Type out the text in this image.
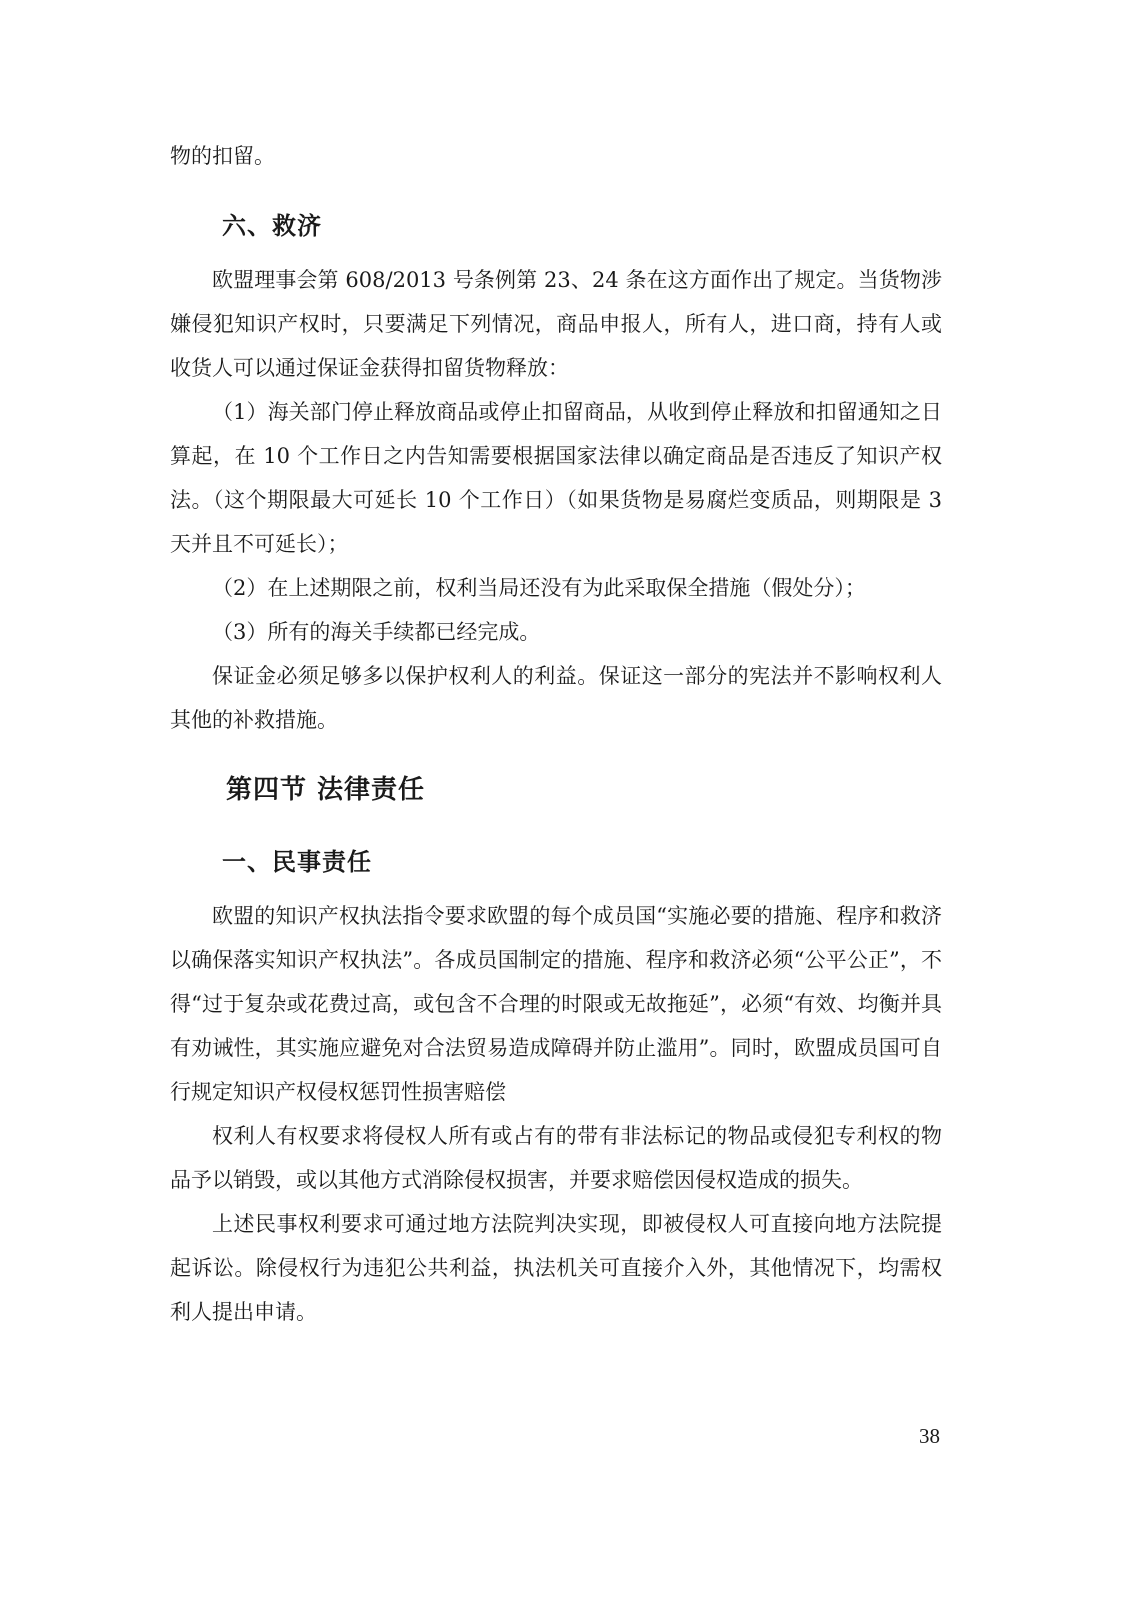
物的扣留。

六、救济

欧盟理事会第 608/2013 号条例第 23、24 条在这方面作出了规定。当货物涉嫌侵犯知识产权时，只要满足下列情况，商品申报人，所有人，进口商，持有人或收货人可以通过保证金获得扣留货物释放：

（1）海关部门停止释放商品或停止扣留商品，从收到停止释放和扣留通知之日算起，在 10 个工作日之内告知需要根据国家法律以确定商品是否违反了知识产权法。（这个期限最大可延长 10 个工作日）（如果货物是易腐烂变质品，则期限是 3 天并且不可延长）；

（2）在上述期限之前，权利当局还没有为此采取保全措施（假处分）；

（3）所有的海关手续都已经完成。

保证金必须足够多以保护权利人的利益。保证这一部分的宪法并不影响权利人其他的补救措施。

第四节 法律责任
一、民事责任

欧盟的知识产权执法指令要求欧盟的每个成员国“实施必要的措施、程序和救济以确保落实知识产权执法”。各成员国制定的措施、程序和救济必须“公平公正”，不得“过于复杂或花费过高，或包含不合理的时限或无故拖延”，必须“有效、均衡并具有劝诫性，其实施应避免对合法贸易造成障碍并防止滥用”。同时，欧盟成员国可自行规定知识产权侵权惩罚性损害赔偿

权利人有权要求将侵权人所有或占有的带有非法标记的物品或侵犯专利权的物品予以销毁，或以其他方式消除侵权损害，并要求赔偿因侵权造成的损失。

上述民事权利要求可通过地方法院判决实现，即被侵权人可直接向地方法院提起诉讼。除侵权行为违犯公共利益，执法机关可直接介入外，其他情况下，均需权利人提出申请。

38
